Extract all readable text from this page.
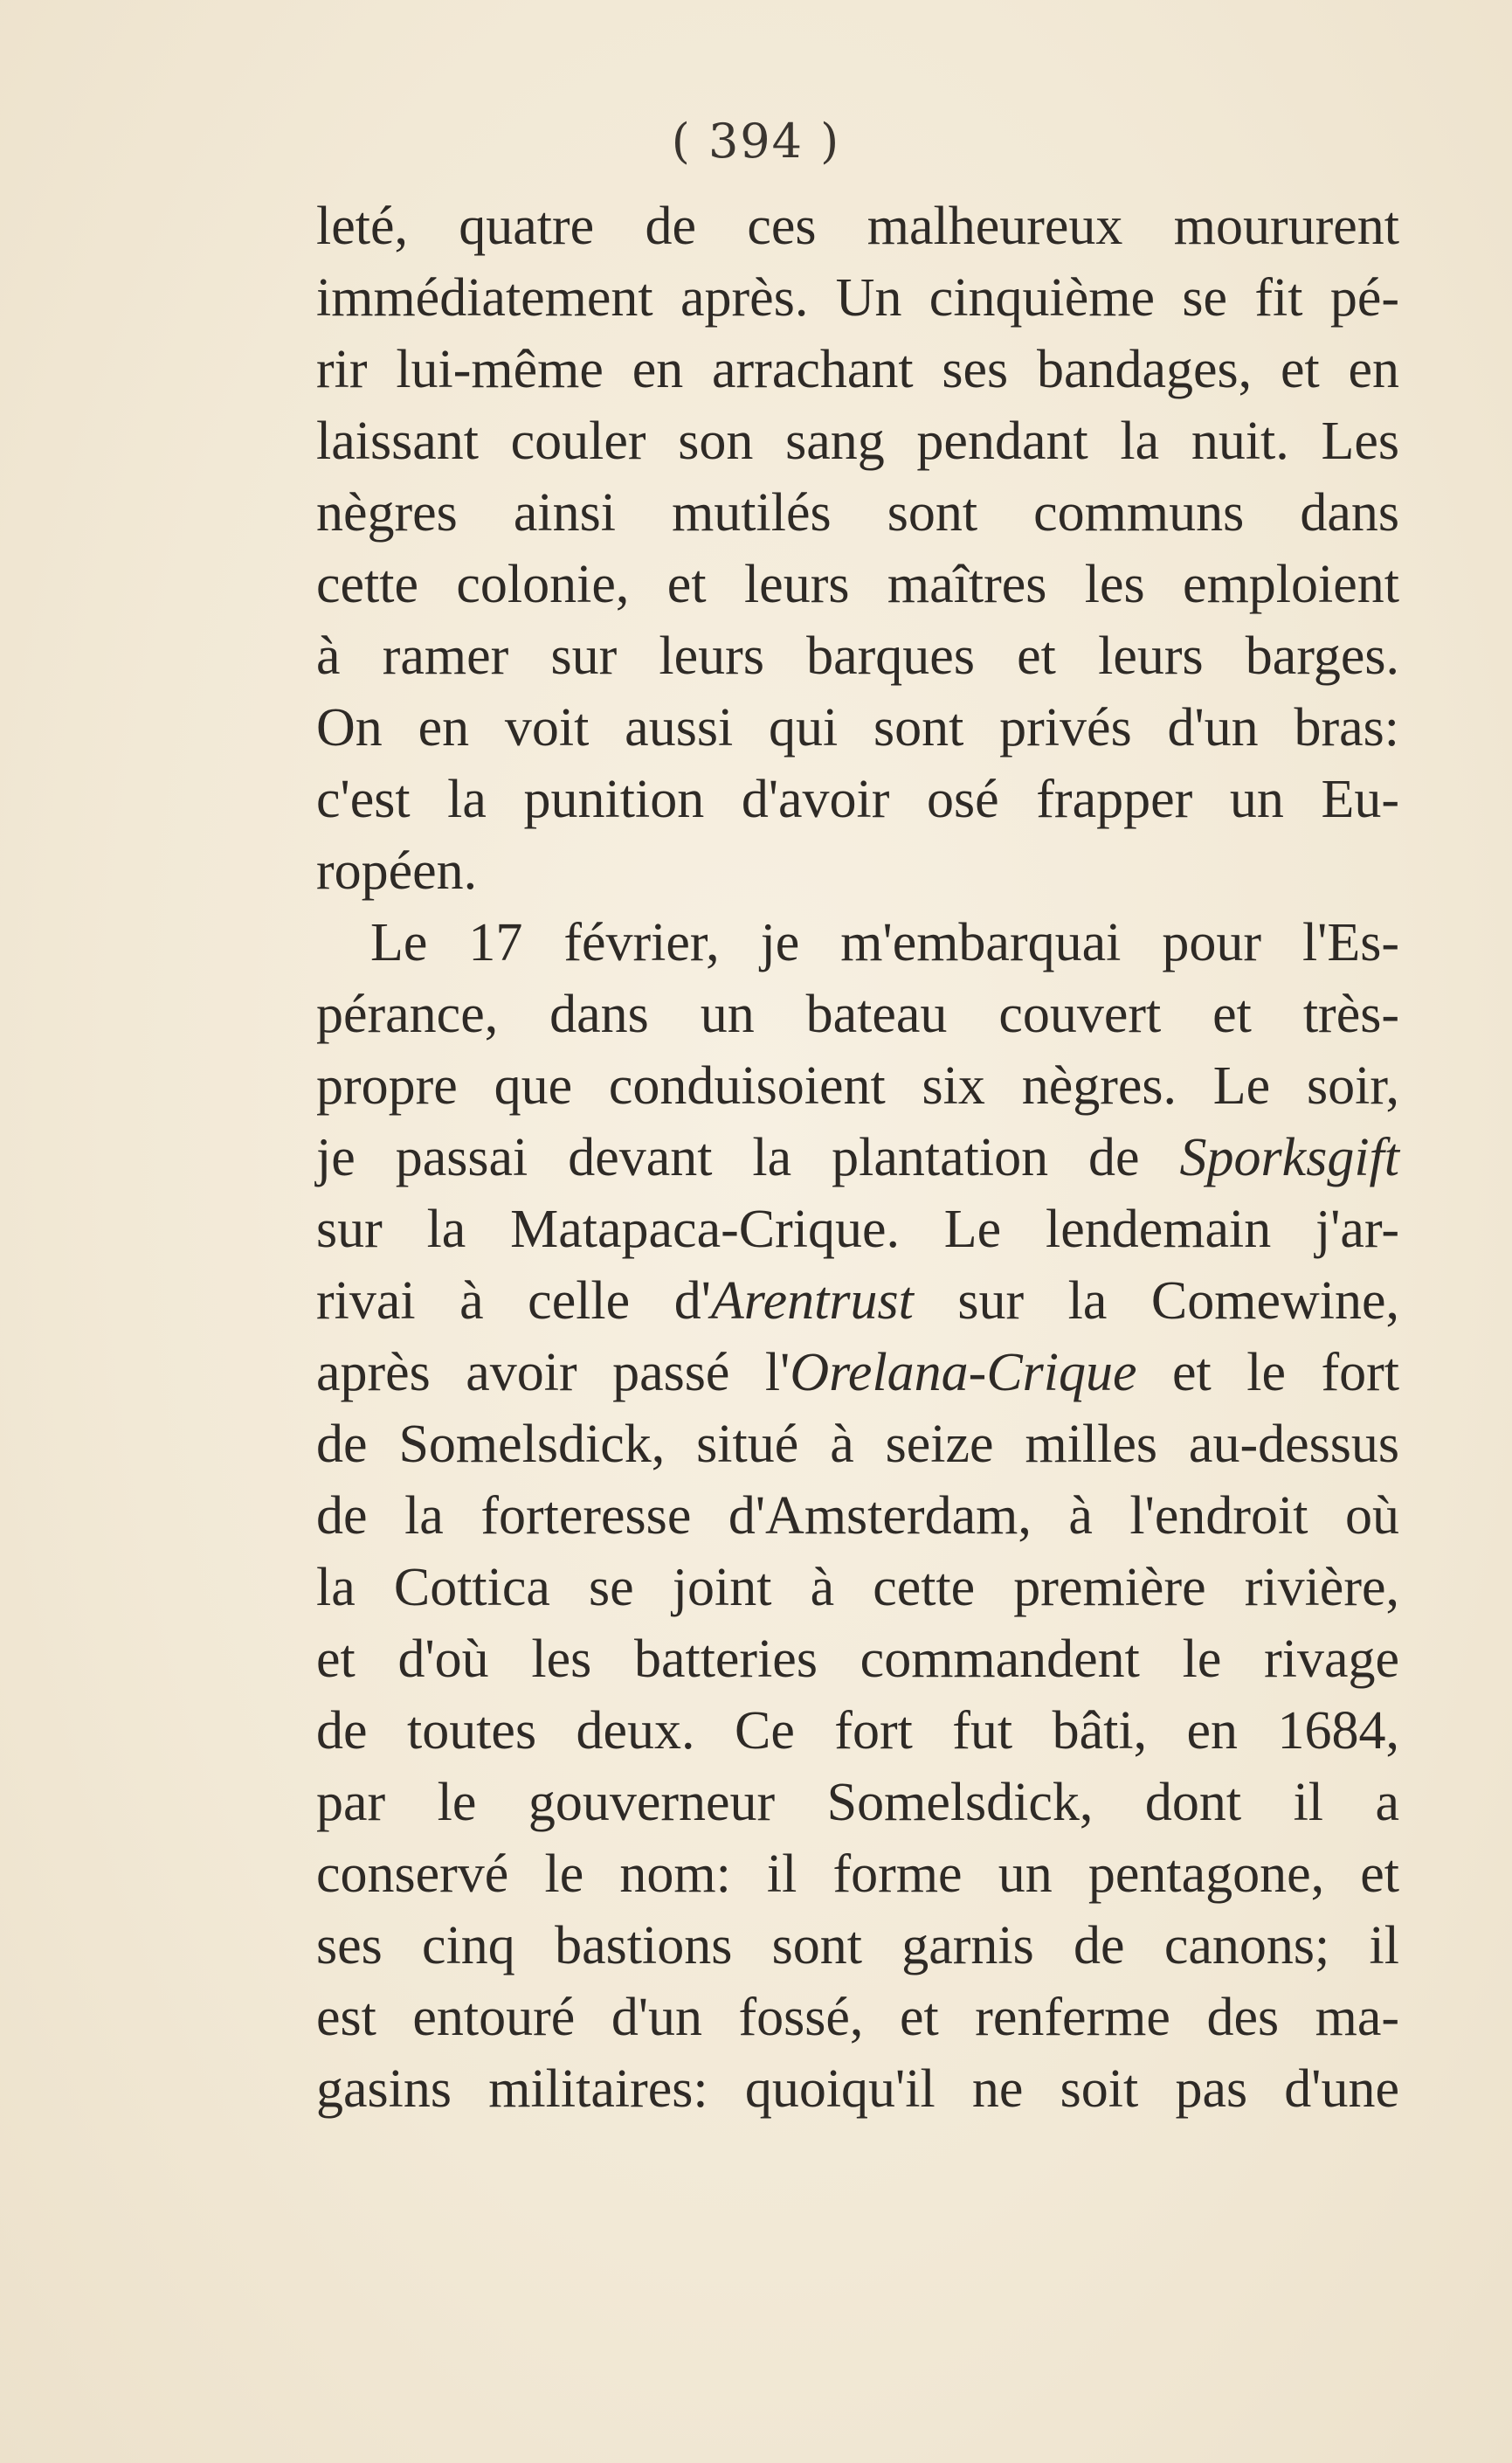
( 394 )
leté, quatre de ces malheureux moururent
immédiatement après. Un cinquième se fit pé-
rir lui-même en arrachant ses bandages, et en
laissant couler son sang pendant la nuit. Les
nègres ainsi mutilés sont communs dans
cette colonie, et leurs maîtres les emploient
à ramer sur leurs barques et leurs barges.
On en voit aussi qui sont privés d'un bras:
c'est la punition d'avoir osé frapper un Eu-
ropéen.
Le 17 février, je m'embarquai pour l'Es-
pérance, dans un bateau couvert et très-
propre que conduisoient six nègres. Le soir,
je passai devant la plantation de Sporksgift
sur la Matapaca-Crique. Le lendemain j'ar-
rivai à celle d'Arentrust sur la Comewine,
après avoir passé l'Orelana-Crique et le fort
de Somelsdick, situé à seize milles au-dessus
de la forteresse d'Amsterdam, à l'endroit où
la Cottica se joint à cette première rivière,
et d'où les batteries commandent le rivage
de toutes deux. Ce fort fut bâti, en 1684,
par le gouverneur Somelsdick, dont il a
conservé le nom: il forme un pentagone, et
ses cinq bastions sont garnis de canons; il
est entouré d'un fossé, et renferme des ma-
gasins militaires: quoiqu'il ne soit pas d'une
